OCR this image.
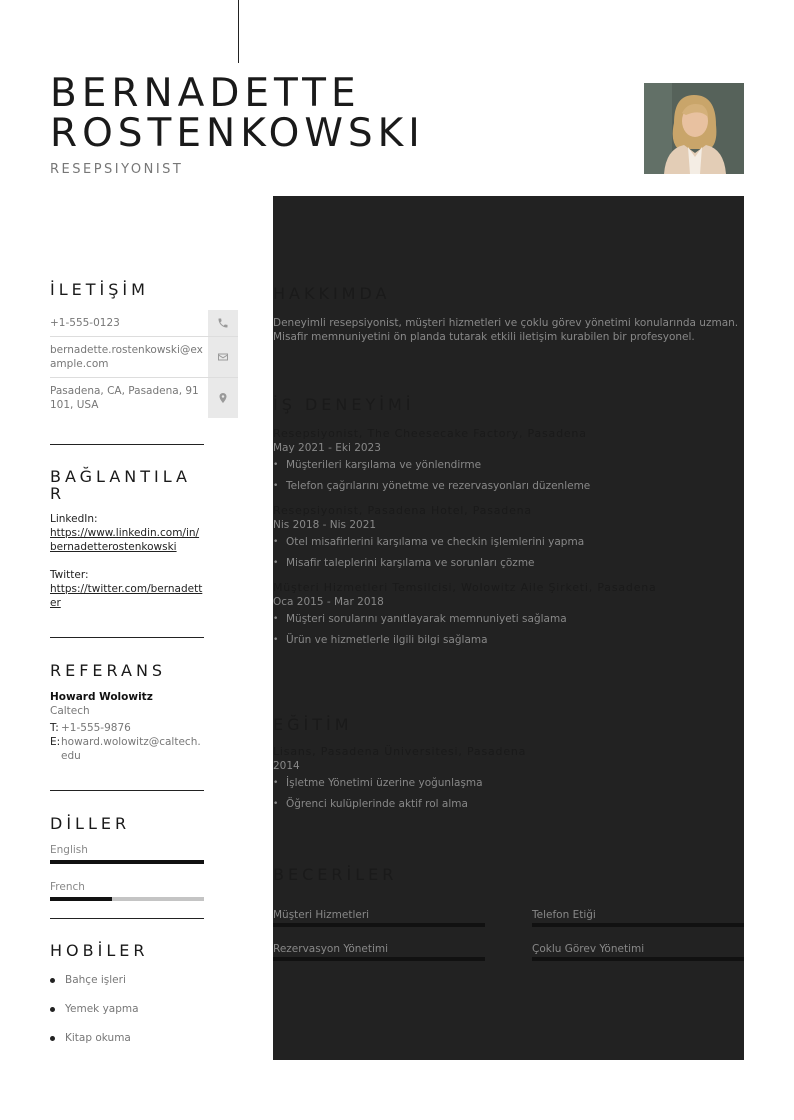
BERNADETTE
ROSTENKOWSKI
RESEPSIYONIST
İLETİŞİM
+1-555-0123
bernadette.rostenkowski@example.com
Pasadena, CA, Pasadena, 91101, USA
BAĞLANTILAR
LinkedIn:
https://www.linkedin.com/in/bernadetterostenkowski
Twitter:
https://twitter.com/bernadetter
REFERANS
Howard Wolowitz
Caltech
T: +1-555-9876
E: howard.wolowitz@caltech.edu
DİLLER
English
French
HOBİLER
Bahçe işleri
Yemek yapma
Kitap okuma
HAKKIMDA
Deneyimli resepsiyonist, müşteri hizmetleri ve çoklu görev yönetimi konularında uzman. Misafir memnuniyetini ön planda tutarak etkili iletişim kurabilen bir profesyonel.
İŞ DENEYİMİ
Resepsiyonist, The Cheesecake Factory, Pasadena
May 2021 - Eki 2023
• Müşterileri karşılama ve yönlendirme
• Telefon çağrılarını yönetme ve rezervasyonları düzenleme
Resepsiyonist, Pasadena Hotel, Pasadena
Nis 2018 - Nis 2021
• Otel misafirlerini karşılama ve checkin işlemlerini yapma
• Misafir taleplerini karşılama ve sorunları çözme
Müşteri Hizmetleri Temsilcisi, Wolowitz Aile Şirketi, Pasadena
Oca 2015 - Mar 2018
• Müşteri sorularını yanıtlayarak memnuniyeti sağlama
• Ürün ve hizmetlerle ilgili bilgi sağlama
EĞİTİM
Lisans, Pasadena Üniversitesi, Pasadena
2014
• İşletme Yönetimi üzerine yoğunlaşma
• Öğrenci kulüplerinde aktif rol alma
BECERİLER
Müşteri Hizmetleri	Telefon Etiği
Rezervasyon Yönetimi	Çoklu Görev Yönetimi
